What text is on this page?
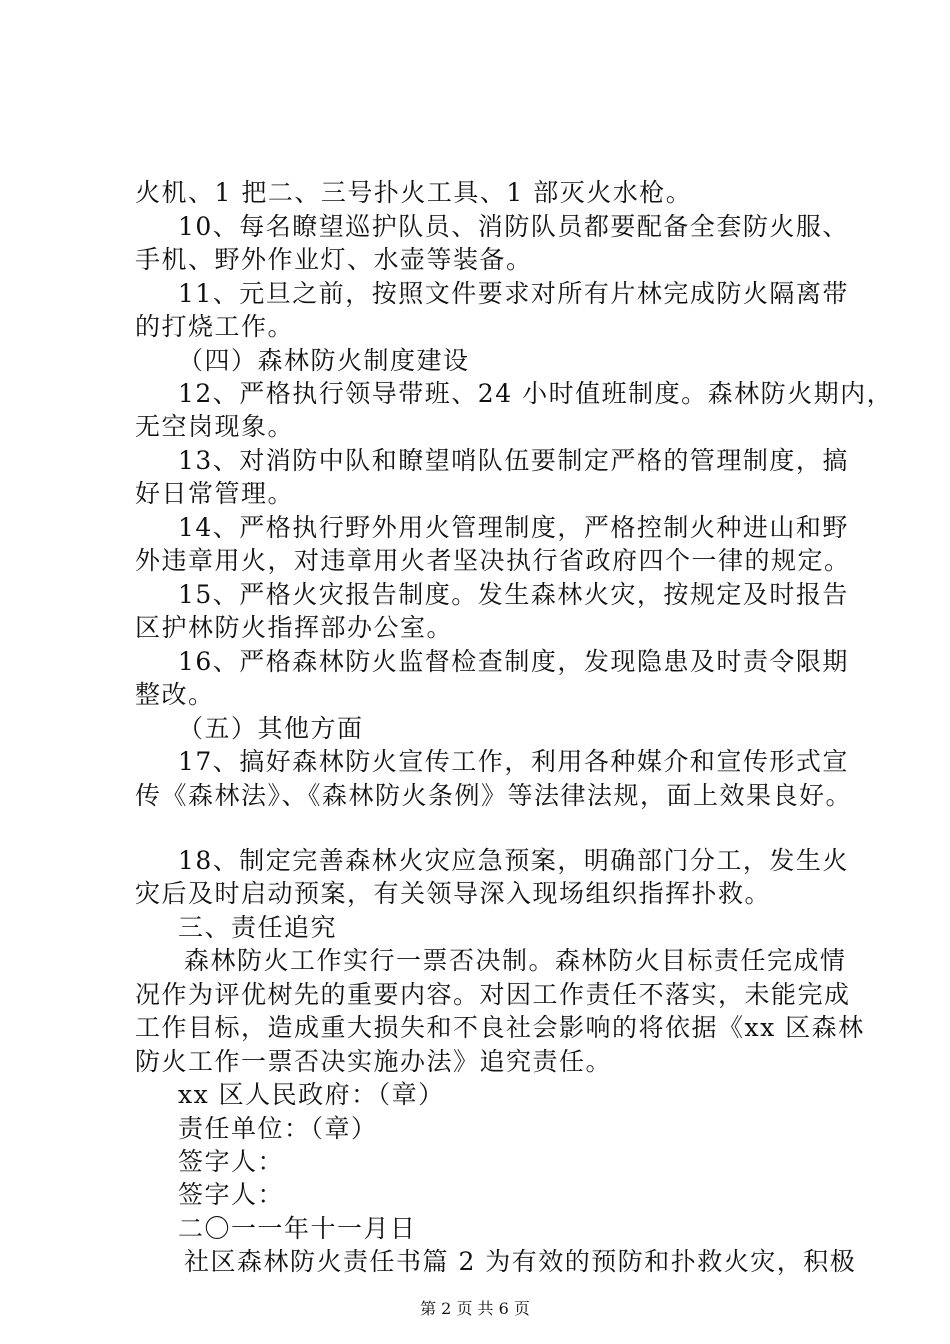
火机、1 把二、三号扑火工具、1 部灭火水枪。
10、每名瞭望巡护队员、消防队员都要配备全套防火服、
手机、野外作业灯、水壶等装备。
11、元旦之前，按照文件要求对所有片林完成防火隔离带
的打烧工作。
（四）森林防火制度建设
12、严格执行领导带班、24 小时值班制度。森林防火期内，
无空岗现象。
13、对消防中队和瞭望哨队伍要制定严格的管理制度，搞
好日常管理。
14、严格执行野外用火管理制度，严格控制火种进山和野
外违章用火，对违章用火者坚决执行省政府四个一律的规定。
15、严格火灾报告制度。发生森林火灾，按规定及时报告
区护林防火指挥部办公室。
16、严格森林防火监督检查制度，发现隐患及时责令限期
整改。
（五）其他方面
17、搞好森林防火宣传工作，利用各种媒介和宣传形式宣
传《森林法》、《森林防火条例》等法律法规，面上效果良好。
18、制定完善森林火灾应急预案，明确部门分工，发生火
灾后及时启动预案，有关领导深入现场组织指挥扑救。
三、责任追究
森林防火工作实行一票否决制。森林防火目标责任完成情
况作为评优树先的重要内容。对因工作责任不落实，未能完成
工作目标，造成重大损失和不良社会影响的将依据《xx 区森林
防火工作一票否决实施办法》追究责任。
xx 区人民政府：（章）
责任单位：（章）
签字人：
签字人：
二〇一一年十一月日
社区森林防火责任书篇 2 为有效的预防和扑救火灾，积极
第 2 页 共 6 页
